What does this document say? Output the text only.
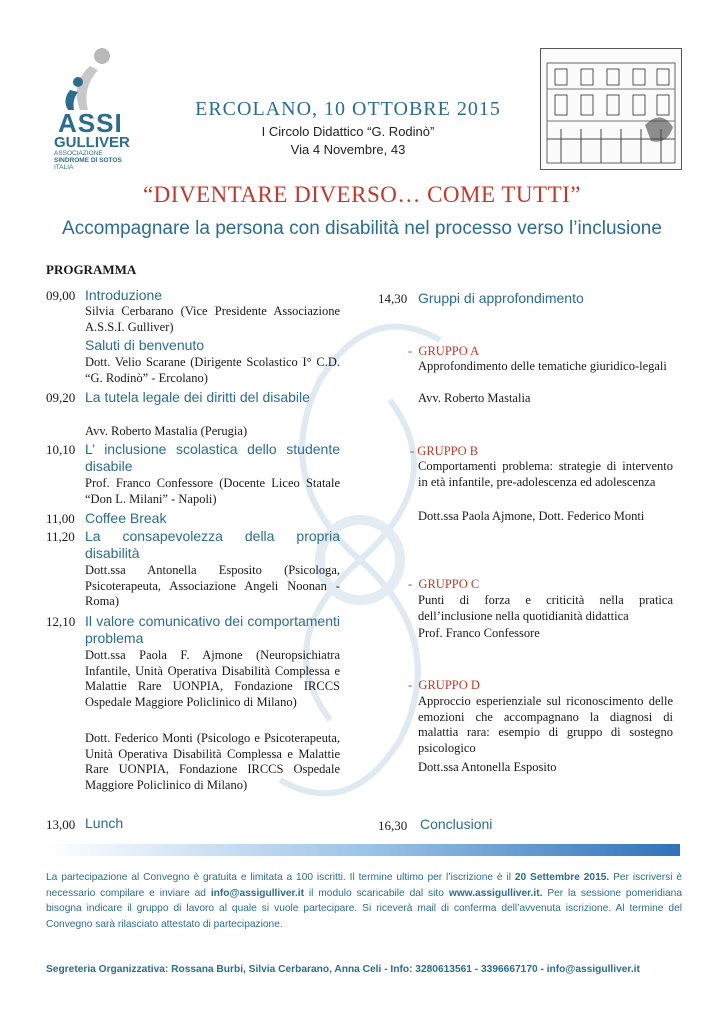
ASSI
GULLIVER
ASSOCIAZIONE
SINDROME DI SOTOS
ITALIA
ERCOLANO, 10 OTTOBRE 2015
I Circolo Didattico “G. Rodinò”
Via 4 Novembre, 43
“DIVENTARE DIVERSO… COME TUTTI”
Accompagnare la persona con disabilità nel processo verso l’inclusione
PROGRAMMA
09,00 Introduzione
Silvia Cerbarano (Vice Presidente Associazione A.S.S.I. Gulliver)
Saluti di benvenuto
Dott. Velio Scarane (Dirigente Scolastico I° C.D. “G. Rodinò” - Ercolano)
09,20 La tutela legale dei diritti del disabile
Avv. Roberto Mastalia (Perugia)
10,10 L’ inclusione scolastica dello studente disabile
Prof. Franco Confessore (Docente Liceo Statale “Don L. Milani” - Napoli)
11,00 Coffee Break
11,20 La consapevolezza della propria disabilità
Dott.ssa Antonella Esposito (Psicologa, Psicoterapeuta, Associazione Angeli Noonan - Roma)
12,10 Il valore comunicativo dei comportamenti problema
Dott.ssa Paola F. Ajmone (Neuropsichiatra Infantile, Unità Operativa Disabilità Complessa e Malattie Rare UONPIA, Fondazione IRCCS Ospedale Maggiore Policlinico di Milano)
Dott. Federico Monti (Psicologo e Psicoterapeuta, Unità Operativa Disabilità Complessa e Malattie Rare UONPIA, Fondazione IRCCS Ospedale Maggiore Policlinico di Milano)
13,00 Lunch
14,30 Gruppi di approfondimento
-  GRUPPO A
Approfondimento delle tematiche giuridico-legali
Avv. Roberto Mastalia
- GRUPPO B
Comportamenti problema: strategie di intervento in età infantile, pre-adolescenza ed adolescenza
Dott.ssa Paola Ajmone, Dott. Federico Monti
-  GRUPPO C
Punti di forza e criticità nella pratica dell’inclusione nella quotidianità didattica
Prof. Franco Confessore
-  GRUPPO D
Approccio esperienziale sul riconoscimento delle emozioni che accompagnano la diagnosi di malattia rara: esempio di gruppo di sostegno psicologico
Dott.ssa Antonella Esposito
16,30 Conclusioni
La partecipazione al Convegno è gratuita e limitata a 100 iscritti. Il termine ultimo per l’iscrizione è il 20 Settembre 2015. Per iscriversi è necessario compilare e inviare ad info@assigulliver.it il modulo scaricabile dal sito www.assigulliver.it. Per la sessione pomeridiana bisogna indicare il gruppo di lavoro al quale si vuole partecipare. Si riceverà mail di conferma dell’avvenuta iscrizione. Al termine del Convegno sarà rilasciato attestato di partecipazione.
Segreteria Organizzativa: Rossana Burbi, Silvia Cerbarano, Anna Celi - Info: 3280613561 - 3396667170 - info@assigulliver.it
